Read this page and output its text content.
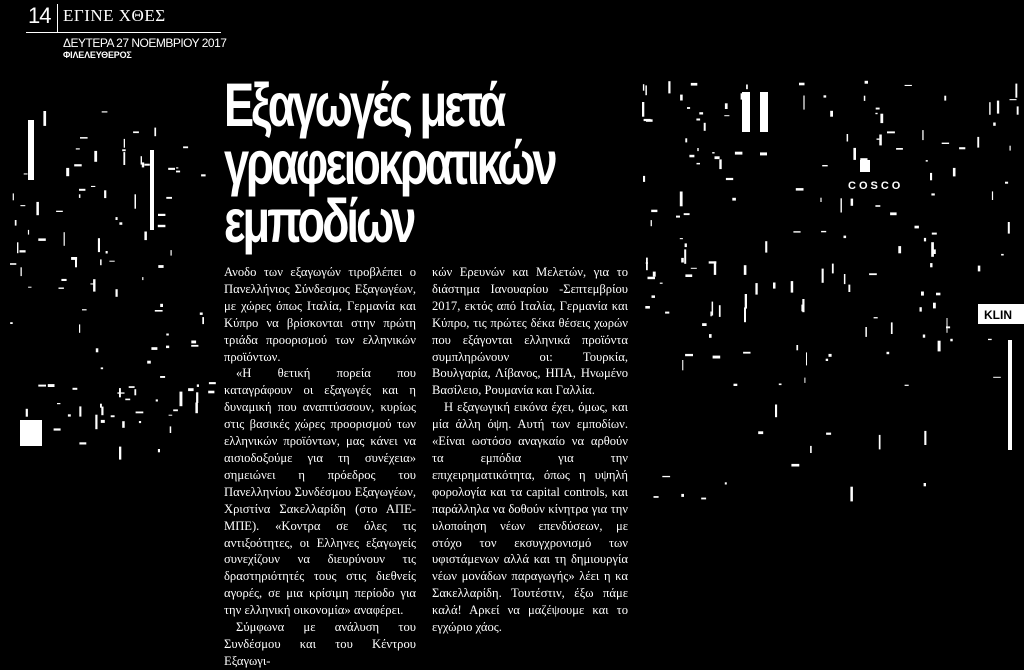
COSCO
KLIN
14 ΕΓΙΝΕ ΧΘΕΣ
ΔΕΥΤΕΡΑ 27 ΝΟΕΜΒΡΙΟΥ 2017
ΦΙΛΕΛΕΥΘΕΡΟΣ
Εξαγωγές μετά
γραφειοκρατικών
εμποδίων

Ανοδο των εξαγωγών τιροβλέπει ο Πανελλήνιος Σύνδεσμος Εξαγωγέων, με χώρες όπως Ιταλία, Γερμανία και Κύπρο να βρίσκονται στην πρώτη τριάδα προορισμού των ελληνικών προϊόντων.

«Η θετική πορεία που καταγράφουν οι εξαγωγές και η δυναμική που αναπτύσσουν, κυρίως στις βασικές χώρες προορισμού των ελληνικών προϊόντων, μας κάνει να αισιοδοξούμε για τη συνέχεια» σημειώνει η πρόεδρος του Πανελληνίου Συνδέσμου Εξαγωγέων, Χριστίνα Σακελλαρίδη (στο ΑΠΕ-ΜΠΕ). «Κοντρα σε όλες τις αντιξοότητες, οι Ελληνες εξαγωγείς συνεχίζουν να διευρύνουν τις δραστηριότητές τους στις διεθνείς αγορές, σε μια κρίσιμη περίοδο για την ελληνική οικονομία» αναφέρει.

Σύμφωνα με ανάλυση του Συνδέσμου και του Κέντρου Εξαγωγι-

κών Ερευνών και Μελετών, για το διάστημα Ιανουαρίου -Σεπτεμβρίου 2017, εκτός από Ιταλία, Γερμανία και Κύπρο, τις πρώτες δέκα θέσεις χωρών που εξάγονται ελληνικά προϊόντα συμπληρώνουν οι: Τουρκία, Βουλγαρία, Λίβανος, ΗΠΑ, Ηνωμένο Βασίλειο, Ρουμανία και Γαλλία.

Η εξαγωγική εικόνα έχει, όμως, και μία άλλη όψη. Αυτή των εμποδίων. «Είναι ωστόσο αναγκαίο να αρθούν τα εμπόδια για την επιχειρηματικότητα, όπως η υψηλή φορολογία και τα capital controls, και παράλληλα να δοθούν κίνητρα για την υλοποίηση νέων επενδύσεων, με στόχο τον εκσυγχρονισμό των υφιστάμενων αλλά και τη δημιουργία νέων μονάδων παραγωγής» λέει η κα Σακελλαρίδη. Τουτέστιν, έξω πάμε καλά! Αρκεί να μαζέψουμε και το εγχώριο χάος.
